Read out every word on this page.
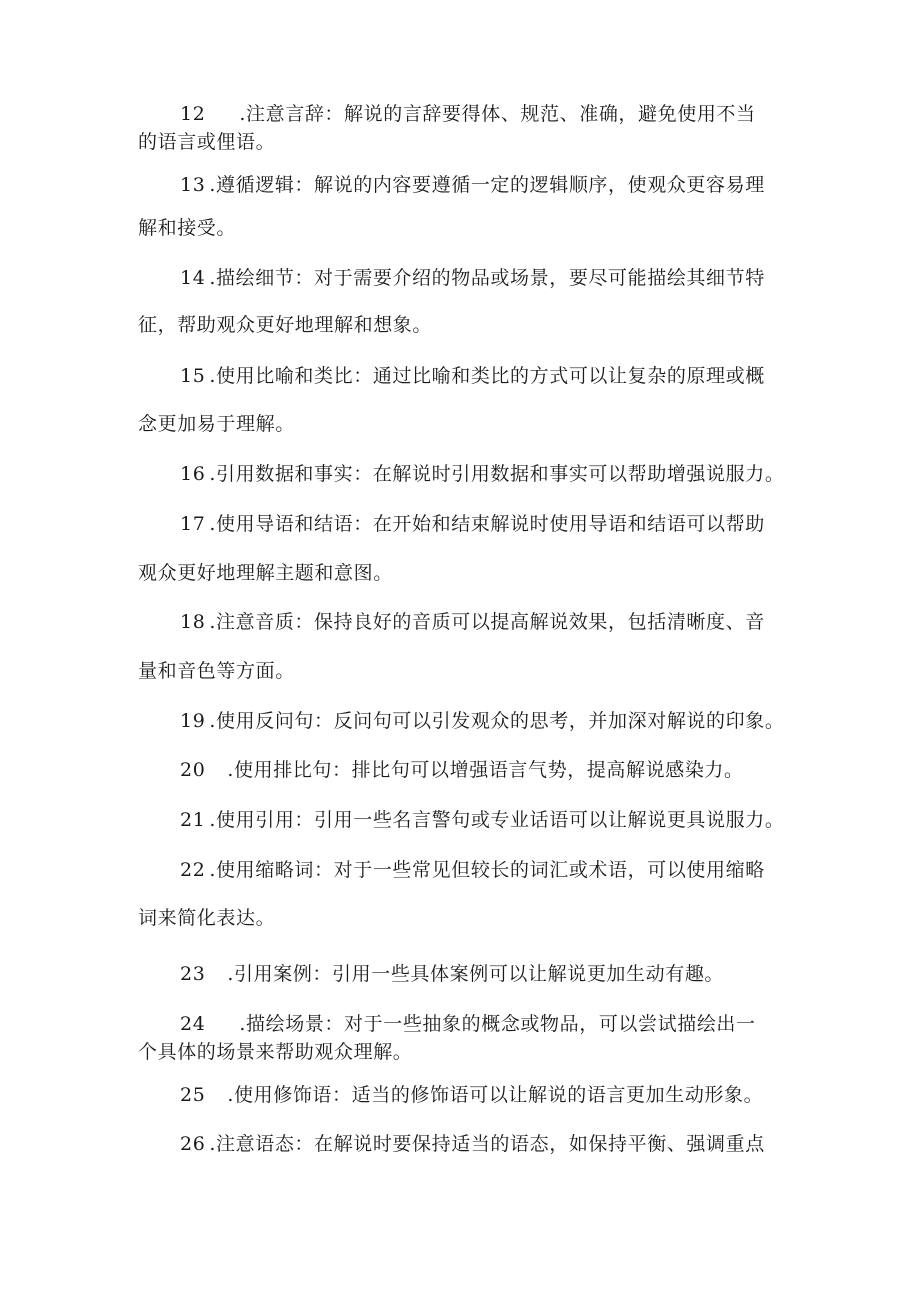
12 .注意言辞：解说的言辞要得体、规范、准确，避免使用不当
的语言或俚语。
13 .遵循逻辑：解说的内容要遵循一定的逻辑顺序，使观众更容易理
解和接受。
14 .描绘细节：对于需要介绍的物品或场景，要尽可能描绘其细节特
征，帮助观众更好地理解和想象。
15 .使用比喻和类比：通过比喻和类比的方式可以让复杂的原理或概
念更加易于理解。
16 .引用数据和事实：在解说时引用数据和事实可以帮助增强说服力。
17 .使用导语和结语：在开始和结束解说时使用导语和结语可以帮助
观众更好地理解主题和意图。
18 .注意音质：保持良好的音质可以提高解说效果，包括清晰度、音
量和音色等方面。
19 .使用反问句：反问句可以引发观众的思考，并加深对解说的印象。
20 .使用排比句：排比句可以增强语言气势，提高解说感染力。
21 .使用引用：引用一些名言警句或专业话语可以让解说更具说服力。
22 .使用缩略词：对于一些常见但较长的词汇或术语，可以使用缩略
词来简化表达。
23 .引用案例：引用一些具体案例可以让解说更加生动有趣。
24 .描绘场景：对于一些抽象的概念或物品，可以尝试描绘出一
个具体的场景来帮助观众理解。
25 .使用修饰语：适当的修饰语可以让解说的语言更加生动形象。
26 .注意语态：在解说时要保持适当的语态，如保持平衡、强调重点
